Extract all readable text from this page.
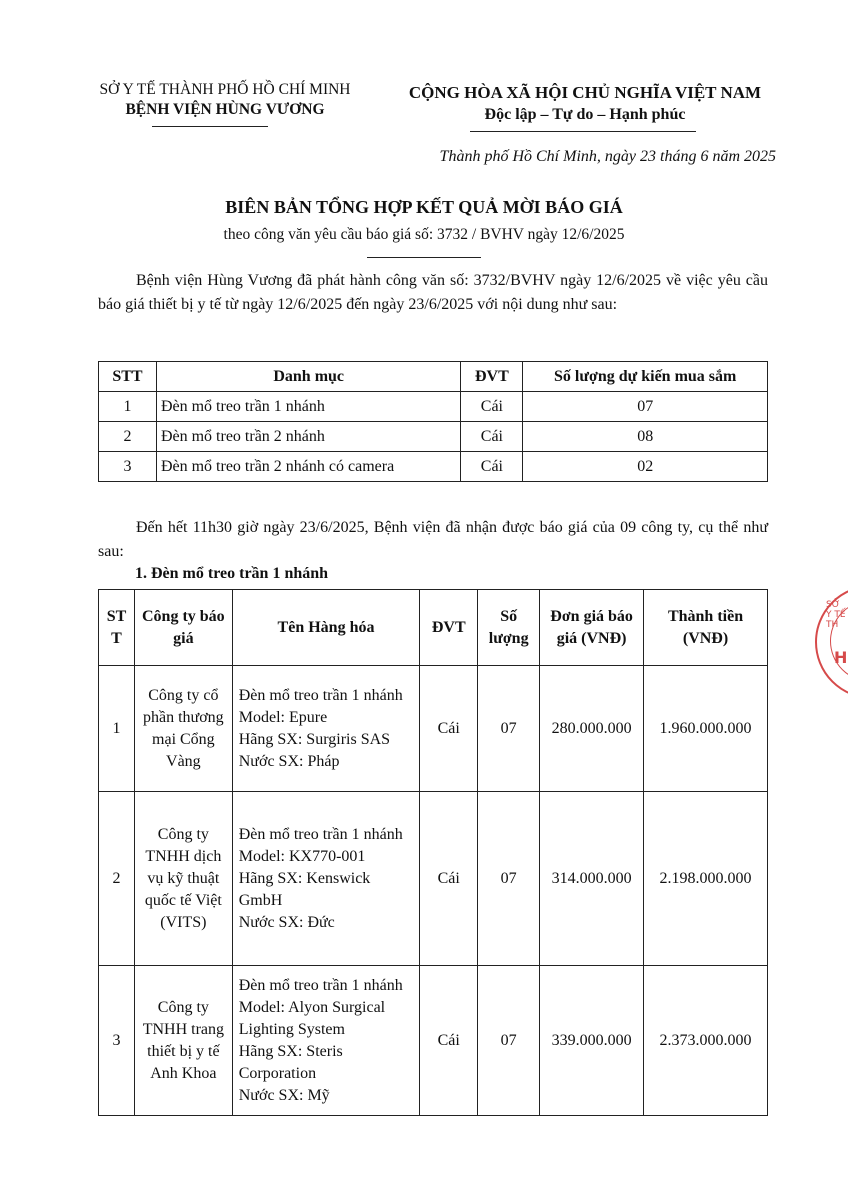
SỞ Y TẾ THÀNH PHỐ HỒ CHÍ MINH
BỆNH VIỆN HÙNG VƯƠNG
CỘNG HÒA XÃ HỘI CHỦ NGHĨA VIỆT NAM
Độc lập – Tự do – Hạnh phúc
Thành phố Hồ Chí Minh, ngày 23 tháng 6 năm 2025
BIÊN BẢN TỔNG HỢP KẾT QUẢ MỜI BÁO GIÁ
theo công văn yêu cầu báo giá số: 3732 / BVHV ngày 12/6/2025
Bệnh viện Hùng Vương đã phát hành công văn số: 3732/BVHV ngày 12/6/2025 về việc yêu cầu báo giá thiết bị y tế từ ngày 12/6/2025 đến ngày 23/6/2025 với nội dung như sau:
STT	Danh mục	ĐVT	Số lượng dự kiến mua sắm
1	Đèn mổ treo trần 1 nhánh	Cái	07
2	Đèn mổ treo trần 2 nhánh	Cái	08
3	Đèn mổ treo trần 2 nhánh có camera	Cái	02
Đến hết 11h30 giờ ngày 23/6/2025, Bệnh viện đã nhận được báo giá của 09 công ty, cụ thể như sau:
1. Đèn mổ treo trần 1 nhánh
ST T	Công ty báo giá	Tên Hàng hóa	ĐVT	Số lượng	Đơn giá báo giá (VNĐ)	Thành tiền (VNĐ)
1	Công ty cổ phần thương mại Cổng Vàng	Đèn mổ treo trần 1 nhánh
Model: Epure
Hãng SX: Surgiris SAS
Nước SX: Pháp	Cái	07	280.000.000	1.960.000.000
2	Công ty TNHH dịch vụ kỹ thuật quốc tế Việt (VITS)	Đèn mổ treo trần 1 nhánh
Model: KX770-001
Hãng SX: Kenswick GmbH
Nước SX: Đức	Cái	07	314.000.000	2.198.000.000
3	Công ty TNHH trang thiết bị y tế Anh Khoa	Đèn mổ treo trần 1 nhánh
Model: Alyon Surgical Lighting System
Hãng SX: Steris Corporation
Nước SX: Mỹ	Cái	07	339.000.000	2.373.000.000
SỞ Y TẾ TH
H
